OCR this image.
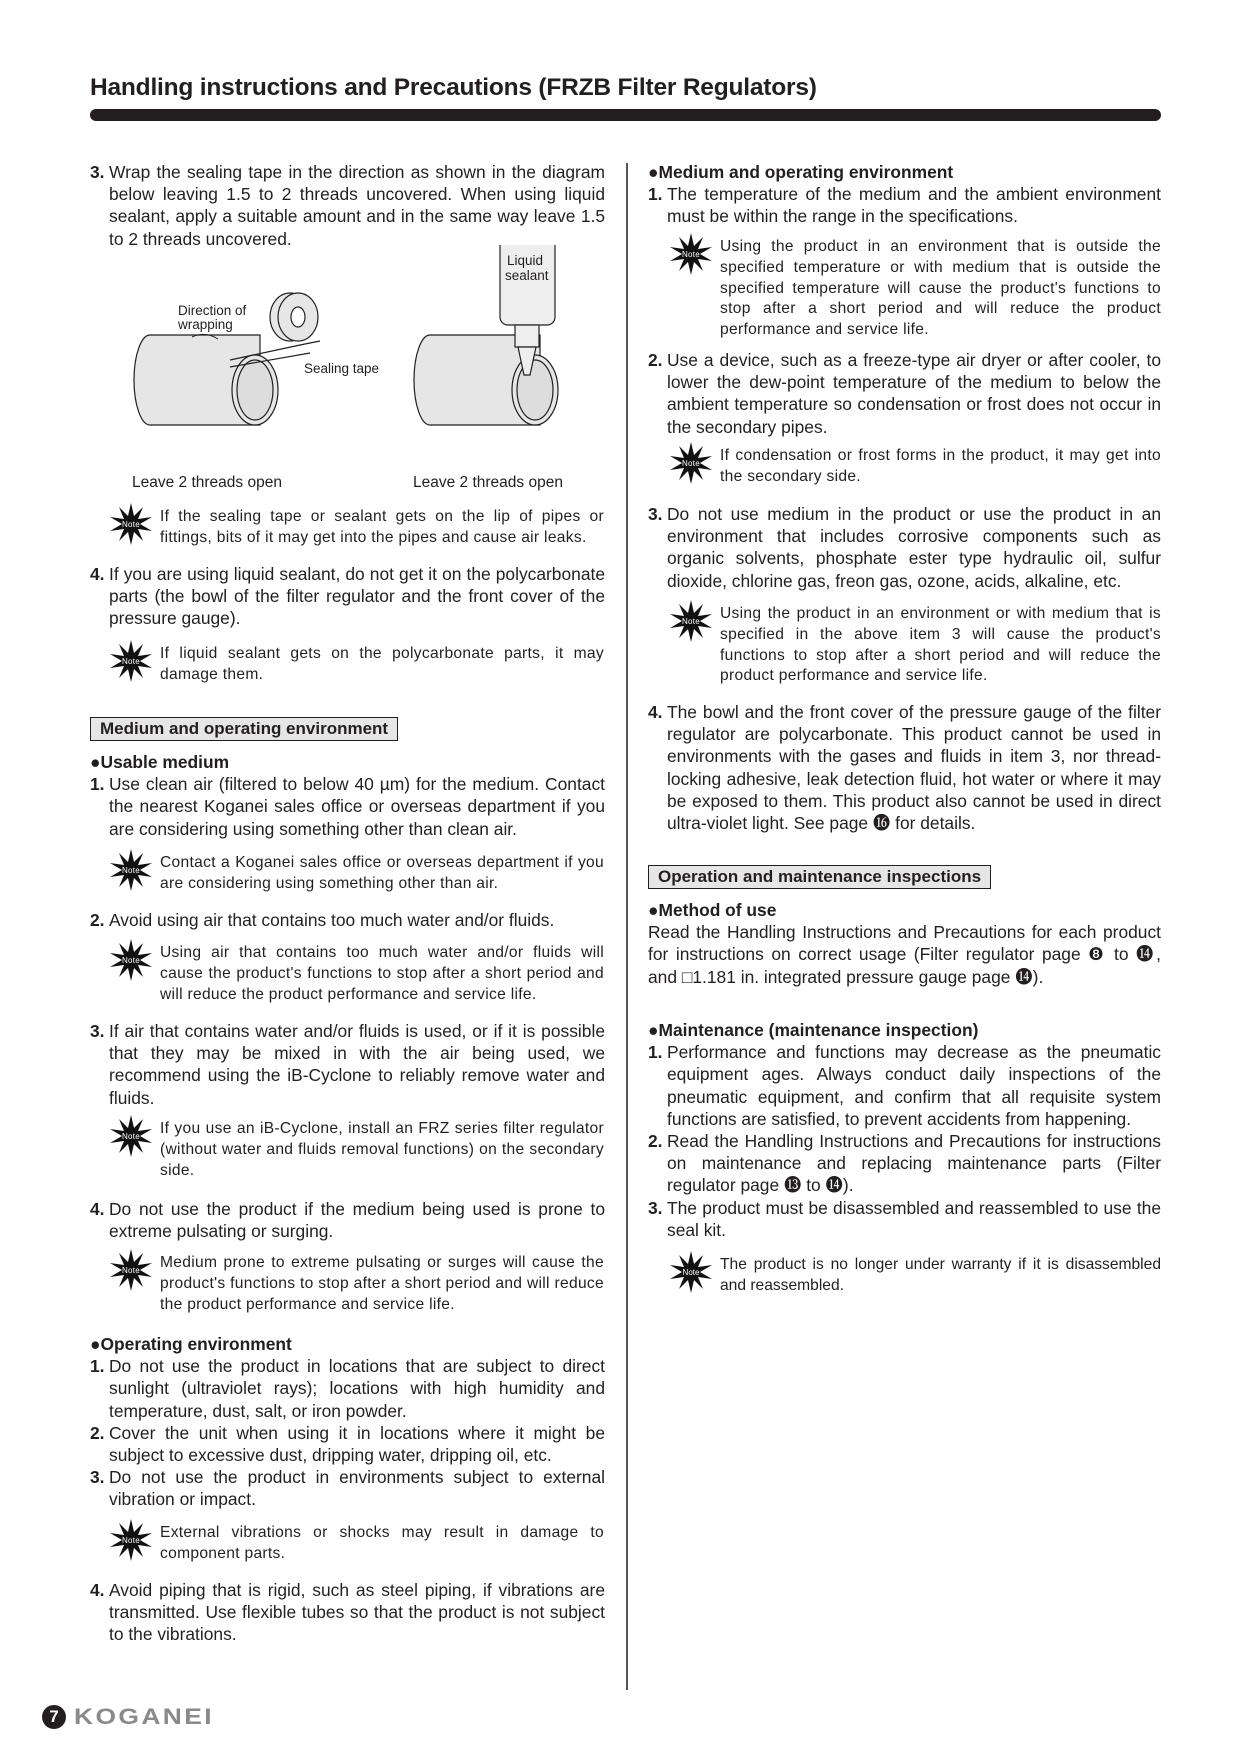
Handling instructions and Precautions (FRZB Filter Regulators)
3. Wrap the sealing tape in the direction as shown in the diagram below leaving 1.5 to 2 threads uncovered. When using liquid sealant, apply a suitable amount and in the same way leave 1.5 to 2 threads uncovered.
Direction of
wrapping
Sealing tape
Liquid
sealant
Leave 2 threads open	Leave 2 threads open
Note If the sealing tape or sealant gets on the lip of pipes or fittings, bits of it may get into the pipes and cause air leaks.
4. If you are using liquid sealant, do not get it on the polycarbonate parts (the bowl of the filter regulator and the front cover of the pressure gauge).
Note If liquid sealant gets on the polycarbonate parts, it may damage them.
Medium and operating environment
●Usable medium
1. Use clean air (filtered to below 40 µm) for the medium. Contact the nearest Koganei sales office or overseas department if you are considering using something other than clean air.
Note Contact a Koganei sales office or overseas department if you are considering using something other than air.
2. Avoid using air that contains too much water and/or fluids.
Note Using air that contains too much water and/or fluids will cause the product's functions to stop after a short period and will reduce the product performance and service life.
3. If air that contains water and/or fluids is used, or if it is possible that they may be mixed in with the air being used, we recommend using the iB-Cyclone to reliably remove water and fluids.
Note If you use an iB-Cyclone, install an FRZ series filter regulator (without water and fluids removal functions) on the secondary side.
4. Do not use the product if the medium being used is prone to extreme pulsating or surging.
Note Medium prone to extreme pulsating or surges will cause the product's functions to stop after a short period and will reduce the product performance and service life.
●Operating environment
1. Do not use the product in locations that are subject to direct sunlight (ultraviolet rays); locations with high humidity and temperature, dust, salt, or iron powder.
2. Cover the unit when using it in locations where it might be subject to excessive dust, dripping water, dripping oil, etc.
3. Do not use the product in environments subject to external vibration or impact.
Note External vibrations or shocks may result in damage to component parts.
4. Avoid piping that is rigid, such as steel piping, if vibrations are transmitted. Use flexible tubes so that the product is not subject to the vibrations.
●Medium and operating environment
1. The temperature of the medium and the ambient environment must be within the range in the specifications.
Note Using the product in an environment that is outside the specified temperature or with medium that is outside the specified temperature will cause the product's functions to stop after a short period and will reduce the product performance and service life.
2. Use a device, such as a freeze-type air dryer or after cooler, to lower the dew-point temperature of the medium to below the ambient temperature so condensation or frost does not occur in the secondary pipes.
Note If condensation or frost forms in the product, it may get into the secondary side.
3. Do not use medium in the product or use the product in an environment that includes corrosive components such as organic solvents, phosphate ester type hydraulic oil, sulfur dioxide, chlorine gas, freon gas, ozone, acids, alkaline, etc.
Note Using the product in an environment or with medium that is specified in the above item 3 will cause the product's functions to stop after a short period and will reduce the product performance and service life.
4. The bowl and the front cover of the pressure gauge of the filter regulator are polycarbonate. This product cannot be used in environments with the gases and fluids in item 3, nor thread-locking adhesive, leak detection fluid, hot water or where it may be exposed to them. This product also cannot be used in direct ultra-violet light. See page ⓰ for details.
Operation and maintenance inspections
●Method of use
Read the Handling Instructions and Precautions for each product for instructions on correct usage (Filter regulator page ❽ to ⓮, and □1.181 in. integrated pressure gauge page ⓮).
●Maintenance (maintenance inspection)
1. Performance and functions may decrease as the pneumatic equipment ages. Always conduct daily inspections of the pneumatic equipment, and confirm that all requisite system functions are satisfied, to prevent accidents from happening.
2. Read the Handling Instructions and Precautions for instructions on maintenance and replacing maintenance parts (Filter regulator page ⓭ to ⓮).
3. The product must be disassembled and reassembled to use the seal kit.
Note The product is no longer under warranty if it is disassembled and reassembled.
7 KOGANEI
